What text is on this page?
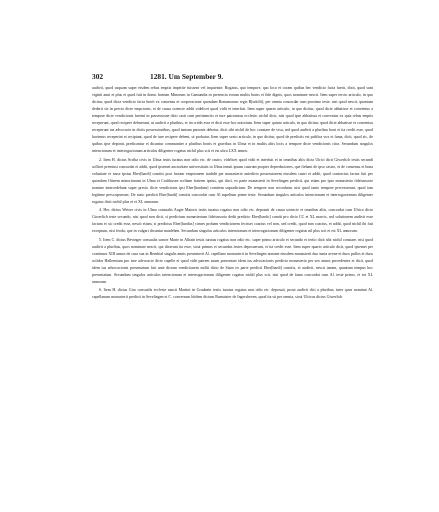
302	1281. Um September 9.

audivit, quod usquam super eisdem rebus emptis impetite fuissent vel inquietate. Rogatus, quo tempore, quo loco et coram quibus hec vendicio facta fuerit, dixit, quod sunt viginti anni et plus et quod fuit in domo fratrum Minorum in Gamundia in presencia eorum multis bonis et fide dignis, quos nominare nescit. Item super tercio articulo, in quo dicitur, quod dicta vendicio facta fuerit ex consensu et cooperacione quondam Romanorum regis R[udolfi], per omnia concordat cum proximo teste, nisi quod nescit, quantum dederit sis in precio dicte empcionis, et de causa sciencie addit videlicet quod vidit et interfuit. Item super quarto articulo, in quo dicitur, quod dicte abbatisse et conventus a tempore dicte vendicionis fuerint in possessione dicti casti cum pertinenciis et iure patronatus ecclesie, nichil dicit, nisi quod ipse abbatissa et conventus ex quia rebus emptis receperunt, quod recipere debuerunt, ut audivit a pluribus, et ita credit esse et dicit esse hoc notorium. Item super quinto articulo, in quo dicitur, quod dicte abbatisse et conventus receperunt ius advocacie in dictis possessionibus, quod tantum patronis debetur, dicit sibi nichil de hoc constare de visu, sed quod audivit a pluribus boni et ita credit esse, quod hactenus receperint et recipiant, quod de iure recipere debent, ut probatur. Item super sexto articulo, in quo dicitur, quod de predictis est publica vox et fama, dicit, quod sic, de quibus ipse deponit, predicantur et dicuntur communiter a pluribus bonis et gravibus in Ulma et in multis aliis locis a tempore dicte vendicionis citra. Secundum singulos intencionum et interrogacionum articulos diligenter rogatus nichil plus scit et est ultra LXX annos.

2. Item H. dictus Scriba civis in Ulma testis iuratus non odio etc. de castro, videlicet quod vidit et interfuit et in omnibus aliis dicta Ulrici dicti Giwerlich testis secundi sollicet premissi concordat et addit, quod ipsemet auctoritate universitatis in Ulma tenuit ipsum castrum propter depredaciones, que fiebant de ipso castro, et de consensu et bona voluntate et iusse ipsius Eber[hardi] comitis post factam empcionem tradidit per monasterio antedicto possessionem eiusdem castri et addit, quod contractus factus fuit per quondam Otinem minoritarum in Ulma et Crafthusen scribam fratrem ipsius, qui dicti, ex parte monasterii in Sevelingen predicti, qui etiam pro ipso monasterio fideiussorio nomine intercedebant super precio dicte vendicionis ipsi Eber[hardum] comitem supradictum. De tempore non recordatur, nisi quod tanto tempore precesserunt, quod iam legitime prescripserunt. De stato predicti Eber[hardi] comitis concordat cum Al supelium prime teste. Secundum singulos articulos intencionum et interrogacionum diligenter rogatus dicit nichil plus et et XL annorum.

4. Her. dictus Weiser civis in Ulma consualis Augie Maioris testis iuratus rogatus non odio etc. deposuit de causa sciencie et omnibus aliis, concordat cum Ulrico dicto Giwerlich teste secundo, nisi quod non dicit, si predictum monasterium fideiussorio dedit predicto Eber[hardo] comiti pro dicto CC et XL marcis, sed solutionem audivit esse factam et sic credit esse, nescit etiam, si predictus Eber[hardus] comes probam vendicionem fecisset coactus vel non, sed credit, quod non coactus, et addit, quod nichil ibi fuit exceptum, nisi feoda, que in vulgari dicuntur manlehen. Secundum singulos articulos intencionum et interrogacionum diligenter rogatus nil plus scit et est XL annorum.

5. Item C. dictus Bevinger consualis sancte Marie in Alhain testis iuratus rogatus non odio etc. super primo articulo et secundo et tertio dicit sibi nichil constare, nisi quod audivit a pluribus, quos nominare nescit, qui dixerunt ita esse, sicut primus et secundus testes deposuerunt, et ita credit esse. Item super quarto articulo dicit, quod ipsemet per continuos XIII annos de cura sua in Bernhtal singulis annis presentavit Al. capellano monasterii in Sevelingen nomine eiusdem monasterii duo iunia avene et duos pullos et duos solidos Hallensium pro iure advocacie dicte capelle et quod vidit patrem suum presentare idem ius advocacionis predicto monasterio per sex annos precedentes et dicit, quod idem ius advocacionis presentatum fuit ante dictam vendicionem militi dicto de Stain ex parte predicti Eber[hardi] comitis, et audivit, nescit tamen, quantum tempus hoc presentatum. Secundum singulos articulos intencionum et interrogacionum diligenter rogatus nichil plus scit, nisi quod de fama concordat cum Al. teste primo, et est XL annorum.

6. Item H. dictus Giro consualis ecclesie sancti Martini in Graubain testis iuratus rogatus non odio etc. deposuit, prout audivit dici a pluribus, inter quos nominat Al. capellanum monasterii predicti in Sevelingen et C. conversum hiidem dictum Bumaister de Ingersheven, quod ita sit per omnia, sicut Ulricus dictus Giwerlich
